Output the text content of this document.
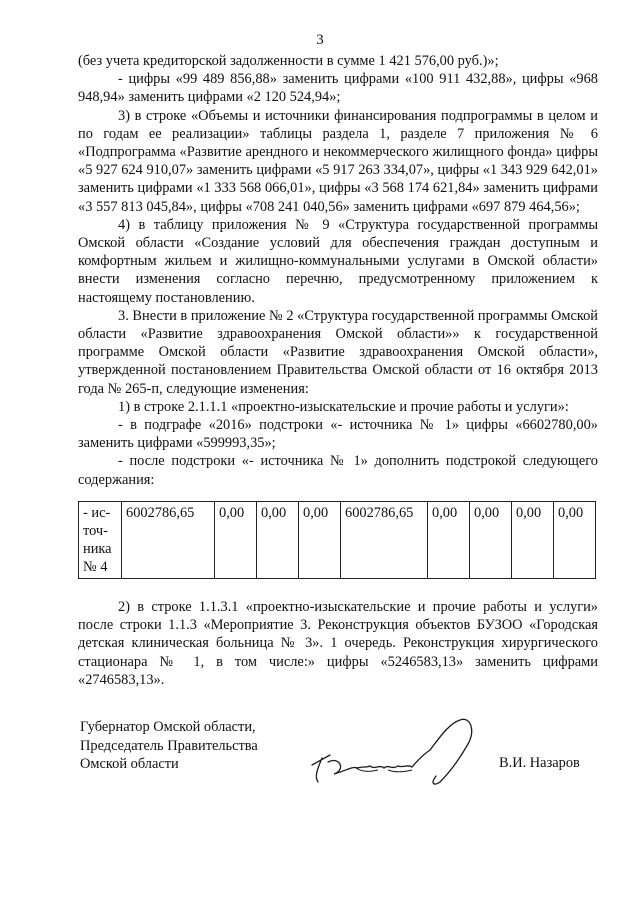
3

(без учета кредиторской задолженности в сумме 1 421 576,00 руб.)»;

- цифры «99 489 856,88» заменить цифрами «100 911 432,88», цифры «968 948,94» заменить цифрами «2 120 524,94»;

3) в строке «Объемы и источники финансирования подпрограммы в целом и по годам ее реализации» таблицы раздела 1, разделе 7 приложения № 6 «Подпрограмма «Развитие арендного и некоммерческого жилищного фонда» цифры «5 927 624 910,07» заменить цифрами «5 917 263 334,07», цифры «1 343 929 642,01» заменить цифрами «1 333 568 066,01», цифры «3 568 174 621,84» заменить цифрами «3 557 813 045,84», цифры «708 241 040,56» заменить цифрами «697 879 464,56»;

4) в таблицу приложения № 9 «Структура государственной программы Омской области «Создание условий для обеспечения граждан доступным и комфортным жильем и жилищно-коммунальными услугами в Омской области» внести изменения согласно перечню, предусмотренному приложением к настоящему постановлению.

3. Внести в приложение № 2 «Структура государственной программы Омской области «Развитие здравоохранения Омской области»» к государственной программе Омской области «Развитие здравоохранения Омской области», утвержденной постановлением Правительства Омской области от 16 октября 2013 года № 265-п, следующие изменения:

1) в строке 2.1.1.1 «проектно-изыскательские и прочие работы и услуги»:

- в подграфе «2016» подстроки «- источника № 1» цифры «6602780,00» заменить цифрами «599993,35»;

- после подстроки «- источника № 1» дополнить подстрокой следующего содержания:

- ис-точ-ника № 4	6002786,65	0,00	0,00	0,00	6002786,65	0,00	0,00	0,00	0,00

2) в строке 1.1.3.1 «проектно-изыскательские и прочие работы и услуги» после строки 1.1.3 «Мероприятие 3. Реконструкция объектов БУЗОО «Городская детская клиническая больница № 3». 1 очередь. Реконструкция хирургического стационара № 1, в том числе:» цифры «5246583,13» заменить цифрами «2746583,13».

Губернатор Омской области,
Председатель Правительства
Омской области	В.И. Назаров
